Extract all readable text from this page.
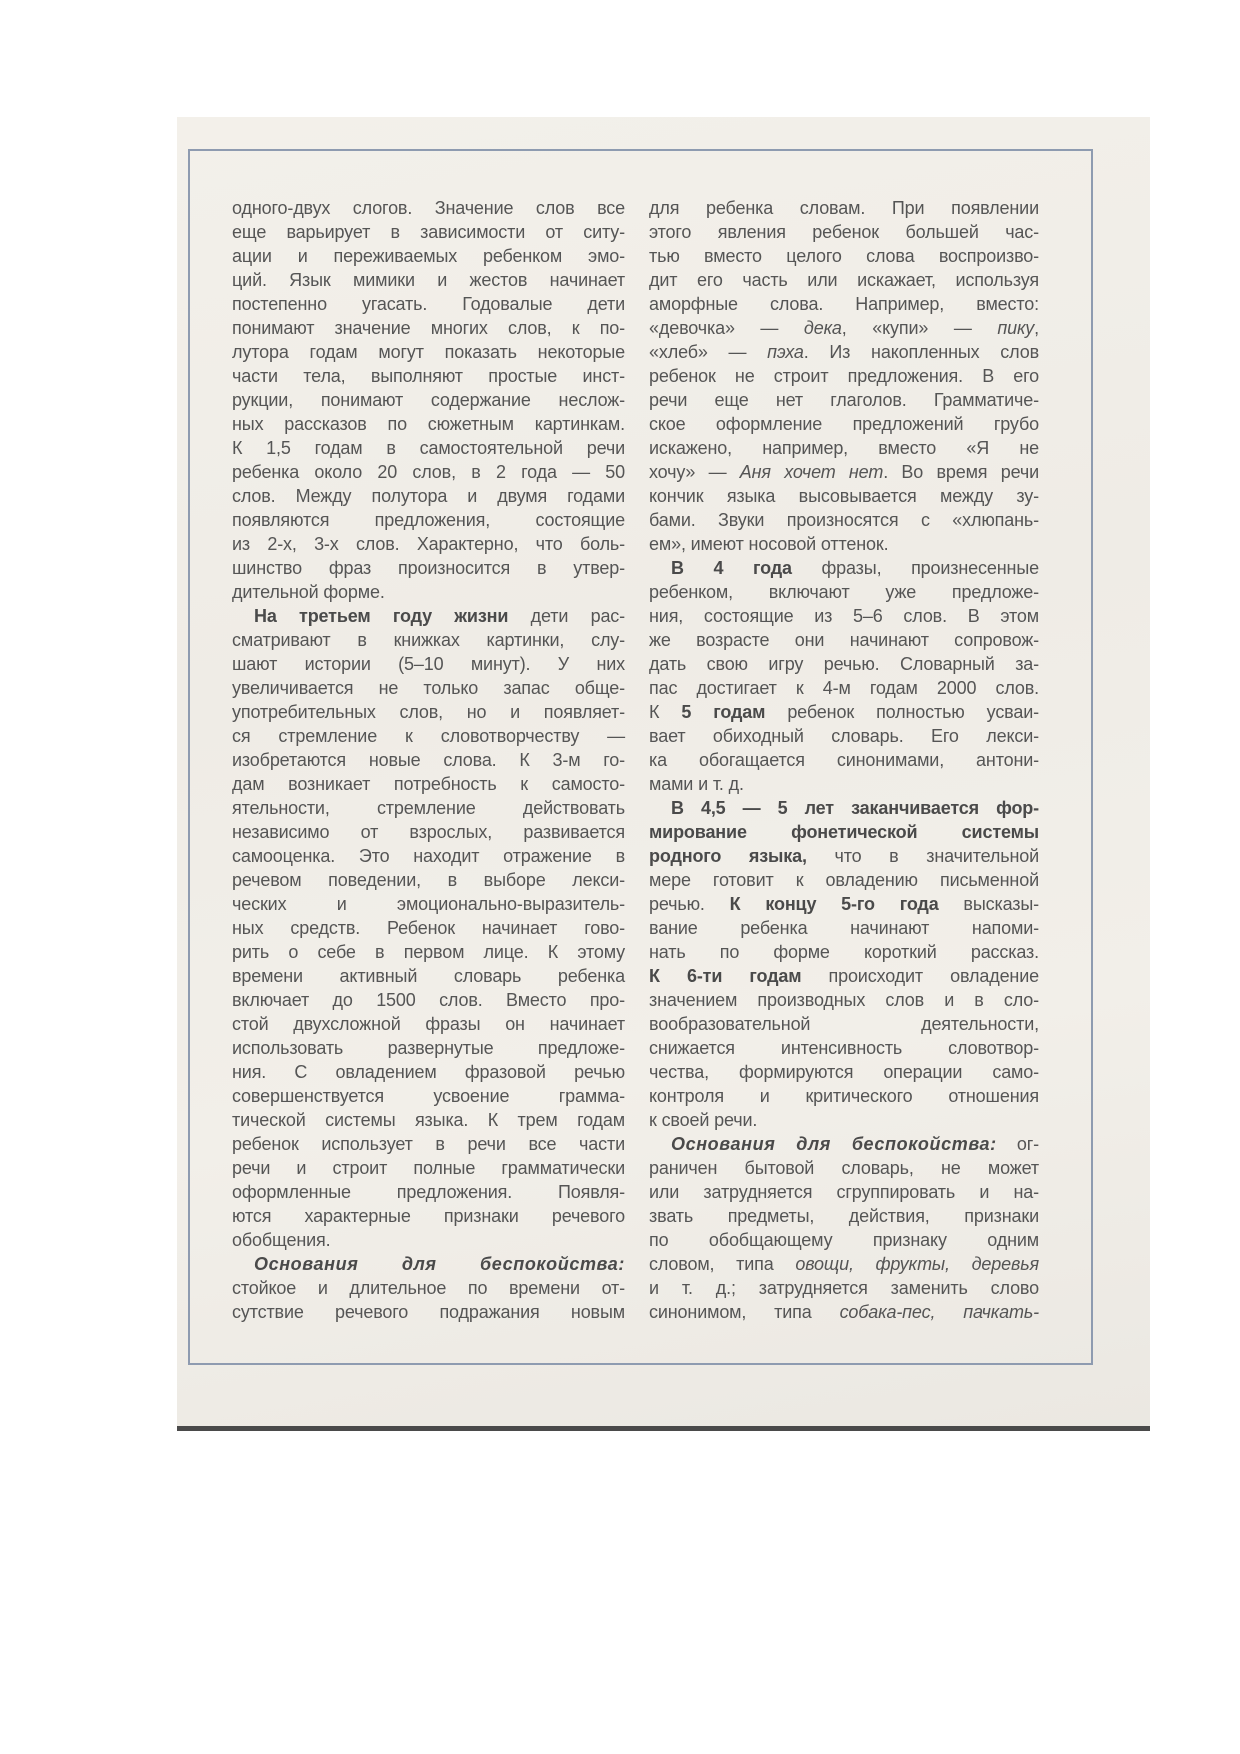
одного-двух слогов. Значение слов все
еще варьирует в зависимости от ситу-
ации и переживаемых ребенком эмо-
ций. Язык мимики и жестов начинает
постепенно угасать. Годовалые дети
понимают значение многих слов, к по-
лутора годам могут показать некоторые
части тела, выполняют простые инст-
рукции, понимают содержание неслож-
ных рассказов по сюжетным картинкам.
К 1,5 годам в самостоятельной речи
ребенка около 20 слов, в 2 года — 50
слов. Между полутора и двумя годами
появляются предложения, состоящие
из 2-х, 3-х слов. Характерно, что боль-
шинство фраз произносится в утвер-
дительной форме.
На третьем году жизни дети рас-
сматривают в книжках картинки, слу-
шают истории (5–10 минут). У них
увеличивается не только запас обще-
употребительных слов, но и появляет-
ся стремление к словотворчеству —
изобретаются новые слова. К 3-м го-
дам возникает потребность к самосто-
ятельности, стремление действовать
независимо от взрослых, развивается
самооценка. Это находит отражение в
речевом поведении, в выборе лекси-
ческих и эмоционально-выразитель-
ных средств. Ребенок начинает гово-
рить о себе в первом лице. К этому
времени активный словарь ребенка
включает до 1500 слов. Вместо про-
стой двухсложной фразы он начинает
использовать развернутые предложе-
ния. С овладением фразовой речью
совершенствуется усвоение грамма-
тической системы языка. К трем годам
ребенок использует в речи все части
речи и строит полные грамматически
оформленные предложения. Появля-
ются характерные признаки речевого
обобщения.
Основания для беспокойства:
стойкое и длительное по времени от-
сутствие речевого подражания новым
для ребенка словам. При появлении
этого явления ребенок большей час-
тью вместо целого слова воспроизво-
дит его часть или искажает, используя
аморфные слова. Например, вместо:
«девочка» — дека, «купи» — пику,
«хлеб» — пэха. Из накопленных слов
ребенок не строит предложения. В его
речи еще нет глаголов. Грамматиче-
ское оформление предложений грубо
искажено, например, вместо «Я не
хочу» — Аня хочет нет. Во время речи
кончик языка высовывается между зу-
бами. Звуки произносятся с «хлюпань-
ем», имеют носовой оттенок.
В 4 года фразы, произнесенные
ребенком, включают уже предложе-
ния, состоящие из 5–6 слов. В этом
же возрасте они начинают сопровож-
дать свою игру речью. Словарный за-
пас достигает к 4-м годам 2000 слов.
К 5 годам ребенок полностью усваи-
вает обиходный словарь. Его лекси-
ка обогащается синонимами, антони-
мами и т. д.
В 4,5 — 5 лет заканчивается фор-
мирование фонетической системы
родного языка, что в значительной
мере готовит к овладению письменной
речью. К концу 5-го года высказы-
вание ребенка начинают напоми-
нать по форме короткий рассказ.
К 6-ти годам происходит овладение
значением производных слов и в сло-
вообразовательной деятельности,
снижается интенсивность словотвор-
чества, формируются операции само-
контроля и критического отношения
к своей речи.
Основания для беспокойства: ог-
раничен бытовой словарь, не может
или затрудняется сгруппировать и на-
звать предметы, действия, признаки
по обобщающему признаку одним
словом, типа овощи, фрукты, деревья
и т. д.; затрудняется заменить слово
синонимом, типа собака-пес, пачкать-
